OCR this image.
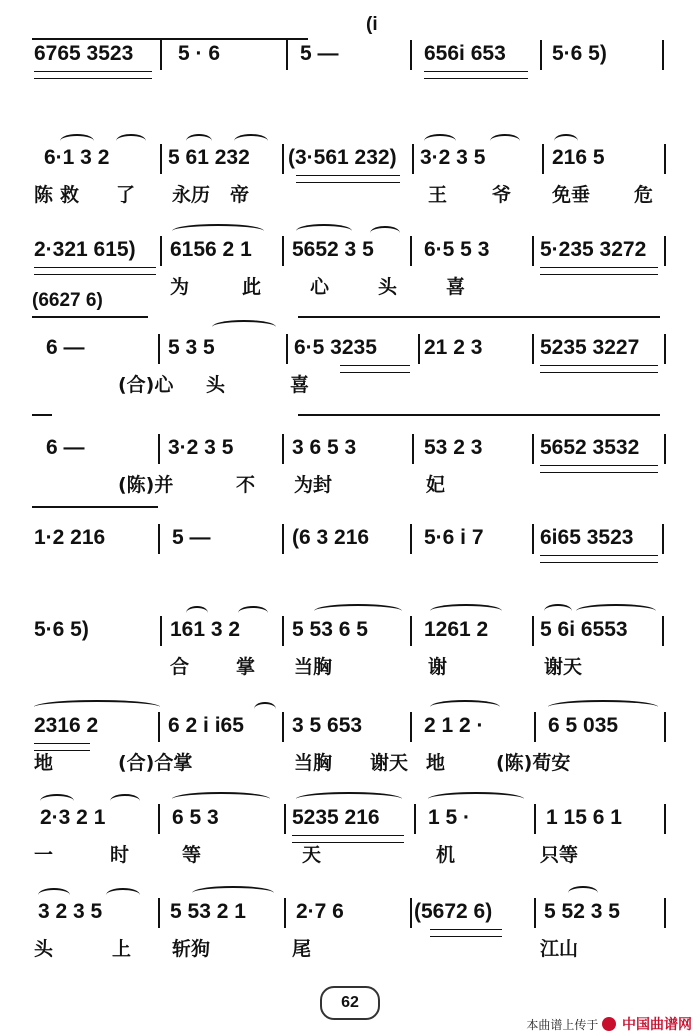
(i
6765 3523 5 · 6	5 —	656i 653 5·6 5)
6·1 3 2	5 61 232 (3·561 232) 3·2 3 5	216 5
陈 救 了 永历 帝	王 爷 免垂 危
2·321 615) 6156 2 1 5652 3 5 6·5 5 3 5·235 3272
为	此	心	头	喜
(6627 6)
6 —	5 3 5	6·5 3235 21 2 3	5235 3227
(合)心 头	喜
6 —	3·2 3 5	3 6 5 3	53 2 3	5652 3532
(陈)并	不 为封	妃
1·2 216	5 —	(6 3 216	5·6 i 7	6i65 3523
5·6 5)	161 3 2 5 53 6 5	1261 2 5 6i 6553
合 掌 当胸	谢	谢天
2316 2	6 2 i i65 3 5 653	2 1 2 ·	6 5 035
地	(合)合掌	当胸 谢天 地	(陈)荀安
2·3 2 1	6 5 3	5235 216 1 5 ·	1 15 6 1
一	时	等	天	机	只等
3 2 3 5	5 53 2 1 2·7 6	(5672 6) 5 52 3 5
头	上 斩狗	尾	江山
62
本曲谱上传于 中国曲谱网
